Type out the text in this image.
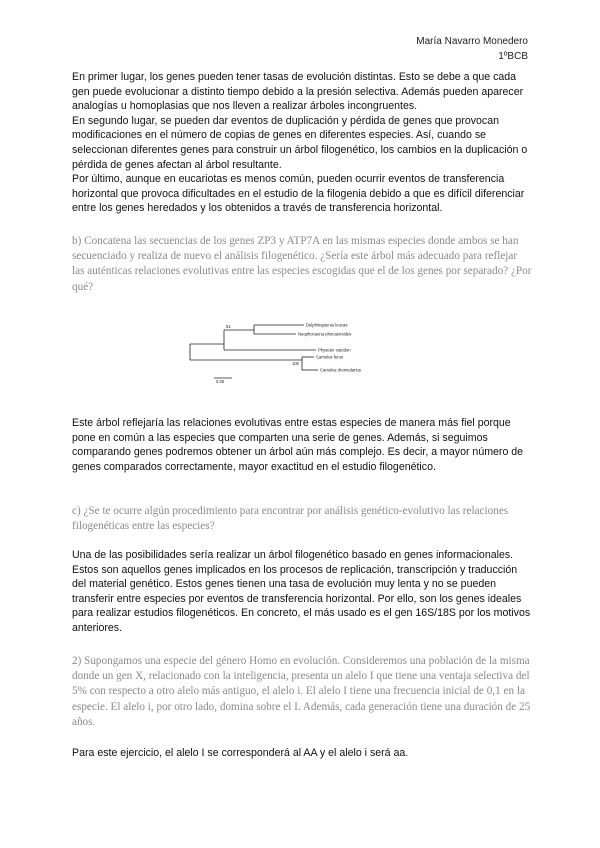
María Navarro Monedero
1ºBCB

En primer lugar, los genes pueden tener tasas de evolución distintas. Esto se debe a que cada gen puede evolucionar a distinto tiempo debido a la presión selectiva. Además pueden aparecer analogías u homoplasias que nos lleven a realizar árboles incongruentes.

En segundo lugar, se pueden dar eventos de duplicación y pérdida de genes que provocan modificaciones en el número de copias de genes en diferentes especies. Así, cuando se seleccionan diferentes genes para construir un árbol filogenético, los cambios en la duplicación o pérdida de genes afectan al árbol resultante.

Por último, aunque en eucariotas es menos común, pueden ocurrir eventos de transferencia horizontal que provoca dificultades en el estudio de la filogenia debido a que es difícil diferenciar entre los genes heredados y los obtenidos a través de transferencia horizontal.

b) Concatena las secuencias de los genes ZP3 y ATP7A en las mismas especies donde ambos se han secuenciado y realiza de nuevo el análisis filogenético. ¿Sería este árbol más adecuado para reflejar las auténticas relaciones evolutivas entre las especies escogidas que el de los genes por separado? ¿Por qué?

51
100
Delphinapterus leucas
Neophocaena phocaenoides
Physeter catodon
Camelus ferus
Camelus dromedarius
0.05

Este árbol reflejaría las relaciones evolutivas entre estas especies de manera más fiel porque pone en común a las especies que comparten una serie de genes. Además, si seguimos comparando genes podremos obtener un árbol aún más complejo. Es decir, a mayor número de genes comparados correctamente, mayor exactitud en el estudio filogenético.

c) ¿Se te ocurre algún procedimiento para encontrar por análisis genético-evolutivo las relaciones filogenéticas entre las especies?

Una de las posibilidades sería realizar un árbol filogenético basado en genes informacionales. Estos son aquellos genes implicados en los procesos de replicación, transcripción y traducción del material genético. Estos genes tienen una tasa de evolución muy lenta y no se pueden transferir entre especies por eventos de transferencia horizontal. Por ello, son los genes ideales para realizar estudios filogenéticos. En concreto, el más usado es el gen 16S/18S por los motivos anteriores.

2) Supongamos una especie del género Homo en evolución. Consideremos una población de la misma donde un gen X, relacionado con la inteligencia, presenta un alelo I que tiene una ventaja selectiva del 5% con respecto a otro alelo más antiguo, el alelo i. El alelo I tiene una frecuencia inicial de 0,1 en la especie. El alelo i, por otro lado, domina sobre el I. Además, cada generación tiene una duración de 25 años.

Para este ejercicio, el alelo I se corresponderá al AA y el alelo i será aa.
